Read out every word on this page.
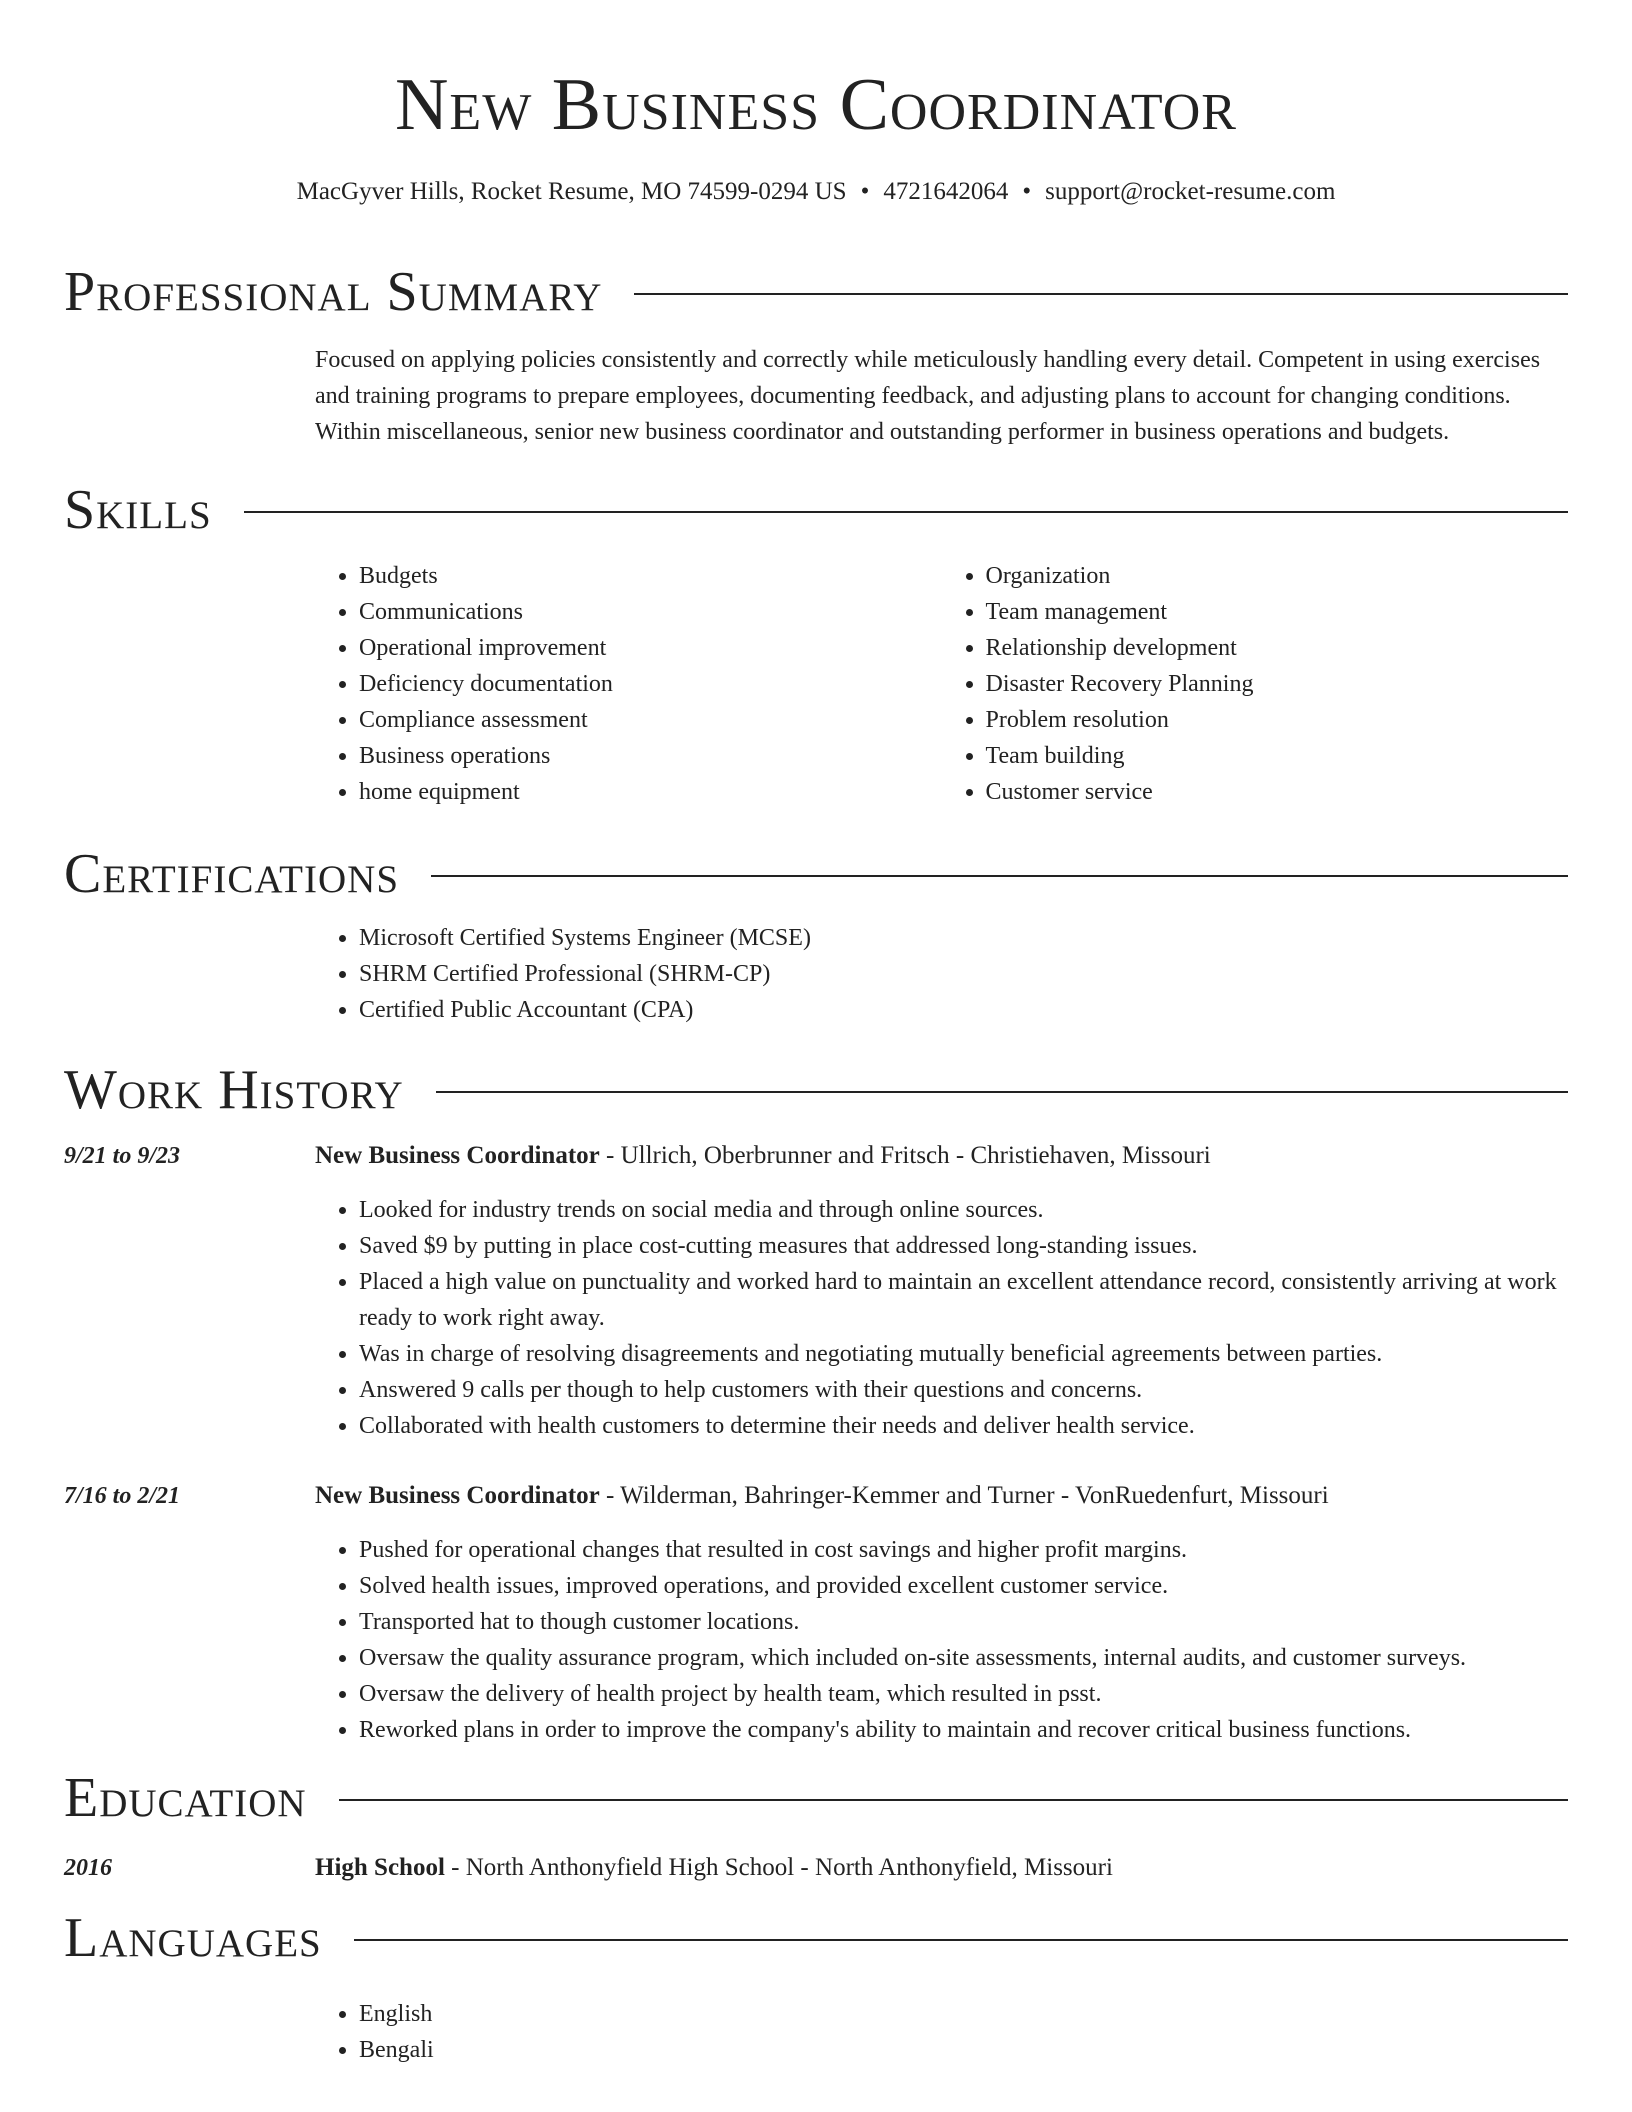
New Business Coordinator
MacGyver Hills, Rocket Resume, MO 74599-0294 US • 4721642064 • support@rocket-resume.com
Professional Summary
Focused on applying policies consistently and correctly while meticulously handling every detail. Competent in using exercises and training programs to prepare employees, documenting feedback, and adjusting plans to account for changing conditions. Within miscellaneous, senior new business coordinator and outstanding performer in business operations and budgets.
Skills
• Budgets
• Communications
• Operational improvement
• Deficiency documentation
• Compliance assessment
• Business operations
• home equipment
• Organization
• Team management
• Relationship development
• Disaster Recovery Planning
• Problem resolution
• Team building
• Customer service
Certifications
• Microsoft Certified Systems Engineer (MCSE)
• SHRM Certified Professional (SHRM-CP)
• Certified Public Accountant (CPA)
Work History
9/21 to 9/23	New Business Coordinator - Ullrich, Oberbrunner and Fritsch - Christiehaven, Missouri
• Looked for industry trends on social media and through online sources.
• Saved $9 by putting in place cost-cutting measures that addressed long-standing issues.
• Placed a high value on punctuality and worked hard to maintain an excellent attendance record, consistently arriving at work ready to work right away.
• Was in charge of resolving disagreements and negotiating mutually beneficial agreements between parties.
• Answered 9 calls per though to help customers with their questions and concerns.
• Collaborated with health customers to determine their needs and deliver health service.
7/16 to 2/21	New Business Coordinator - Wilderman, Bahringer-Kemmer and Turner - VonRuedenfurt, Missouri
• Pushed for operational changes that resulted in cost savings and higher profit margins.
• Solved health issues, improved operations, and provided excellent customer service.
• Transported hat to though customer locations.
• Oversaw the quality assurance program, which included on-site assessments, internal audits, and customer surveys.
• Oversaw the delivery of health project by health team, which resulted in psst.
• Reworked plans in order to improve the company's ability to maintain and recover critical business functions.
Education
2016	High School - North Anthonyfield High School - North Anthonyfield, Missouri
Languages
• English
• Bengali
